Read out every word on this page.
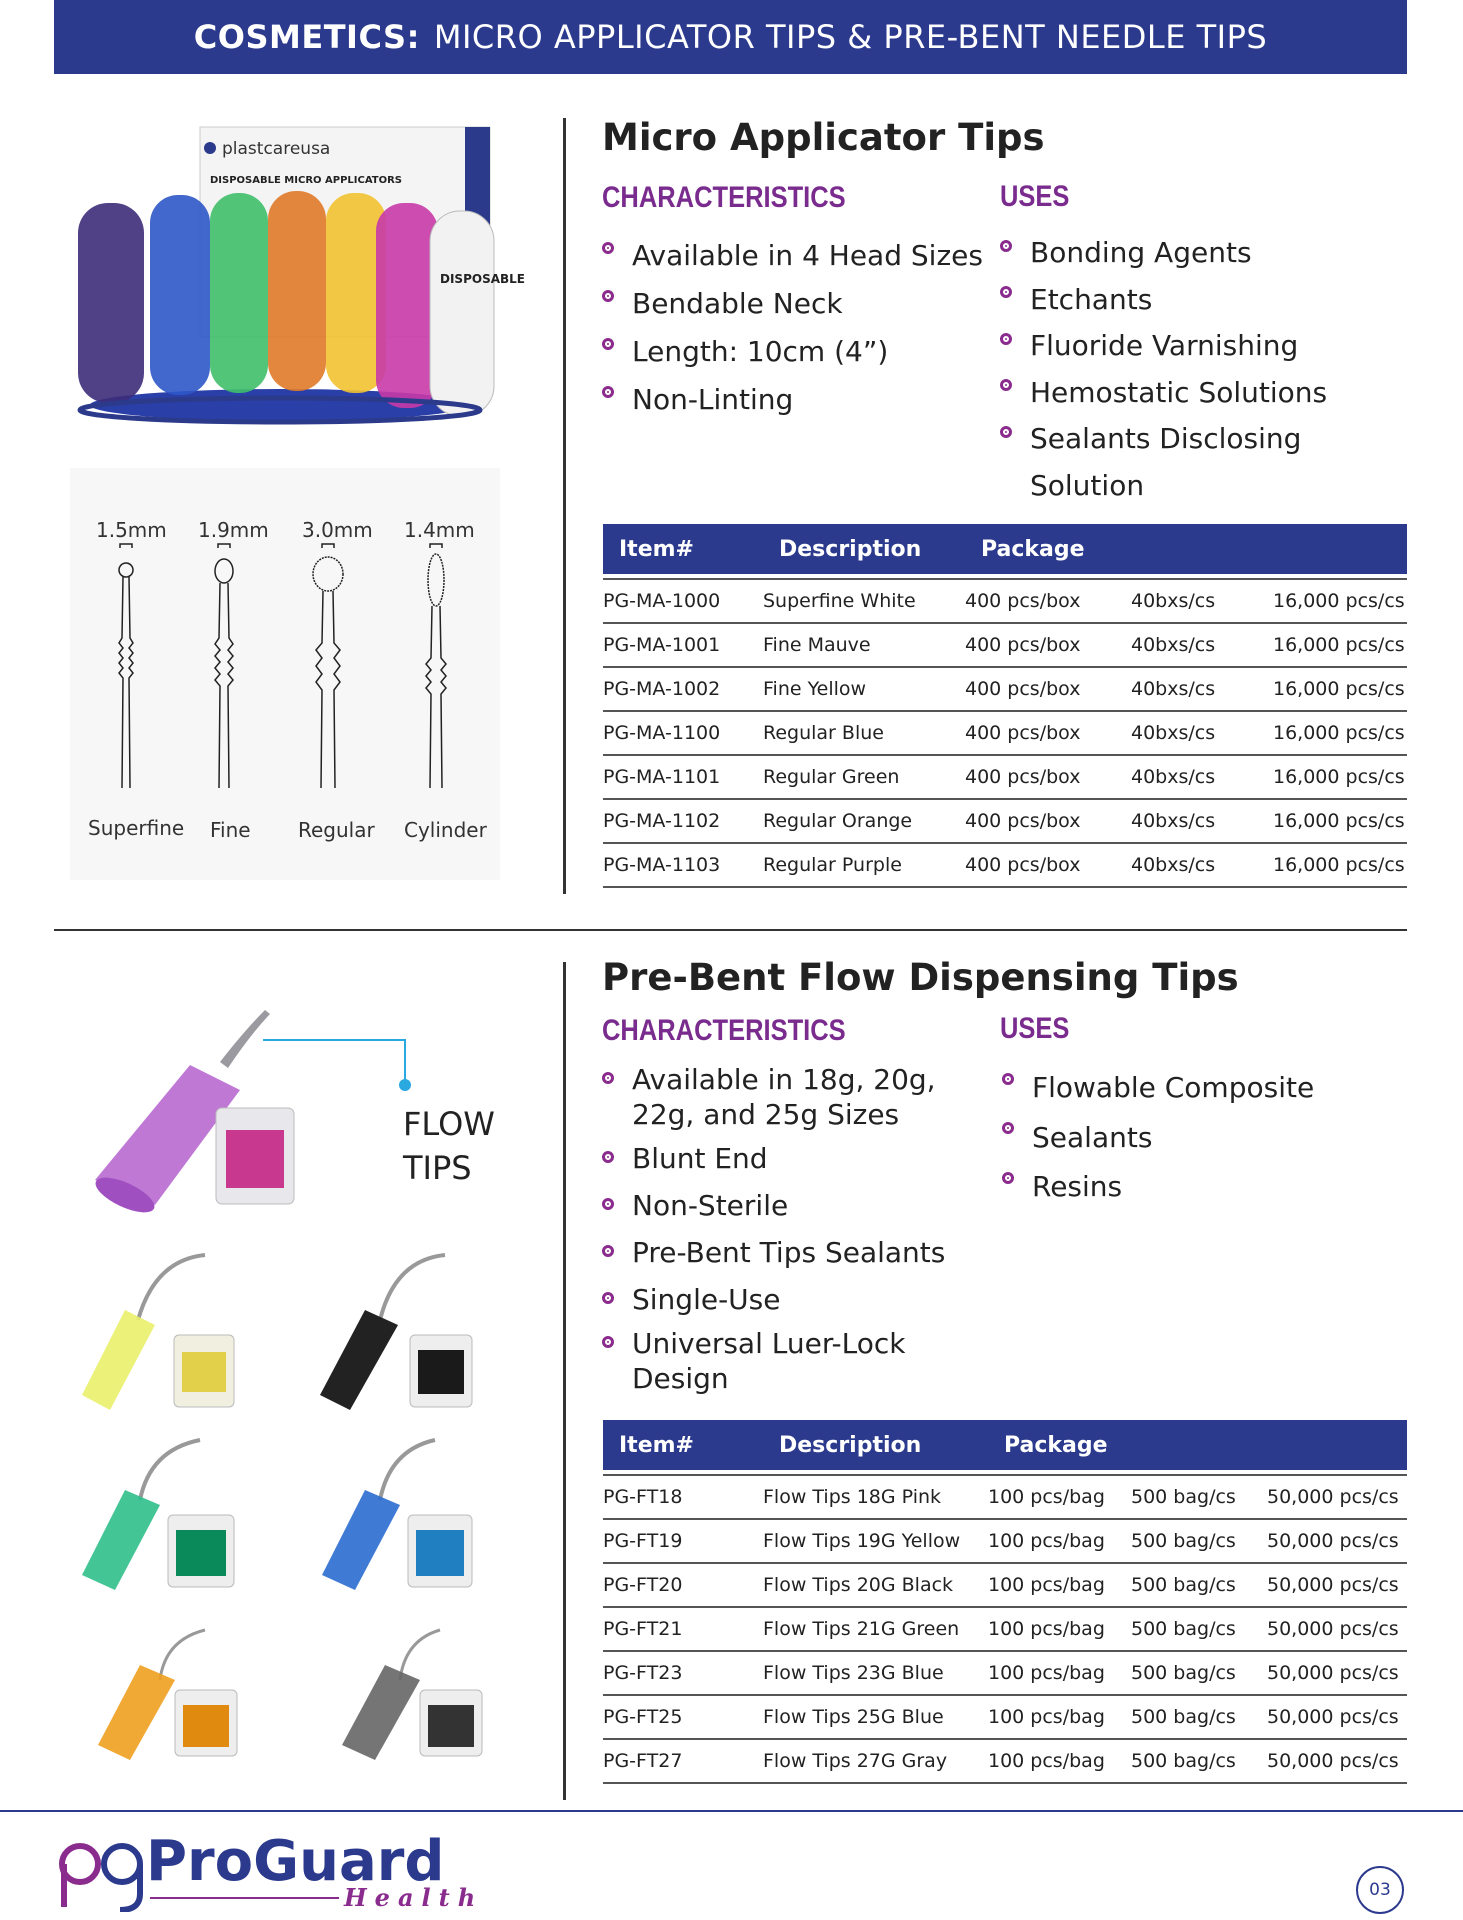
COSMETICS: MICRO APPLICATOR TIPS & PRE-BENT NEEDLE TIPS
plastcareusa
DISPOSABLE MICRO APPLICATORS
DISPOSABLE
1.5mm 1.9mm 3.0mm 1.4mm
Superfine Fine Regular Cylinder
Micro Applicator Tips
CHARACTERISTICS
Available in 4 Head Sizes
Bendable Neck
Length: 10cm (4”)
Non-Linting
USES
Bonding Agents
Etchants
Fluoride Varnishing
Hemostatic Solutions
Sealants Disclosing Solution
Item#	Description	Package		

PG-MA-1000	Superfine White	400 pcs/box	40bxs/cs	16,000 pcs/cs
PG-MA-1001	Fine Mauve	400 pcs/box	40bxs/cs	16,000 pcs/cs
PG-MA-1002	Fine Yellow	400 pcs/box	40bxs/cs	16,000 pcs/cs
PG-MA-1100	Regular Blue	400 pcs/box	40bxs/cs	16,000 pcs/cs
PG-MA-1101	Regular Green	400 pcs/box	40bxs/cs	16,000 pcs/cs
PG-MA-1102	Regular Orange	400 pcs/box	40bxs/cs	16,000 pcs/cs
PG-MA-1103	Regular Purple	400 pcs/box	40bxs/cs	16,000 pcs/cs
FLOW
TIPS
Pre-Bent Flow Dispensing Tips
CHARACTERISTICS
Available in 18g, 20g, 22g, and 25g Sizes
Blunt End
Non-Sterile
Pre-Bent Tips Sealants
Single-Use
Universal Luer-Lock Design
USES
Flowable Composite
Sealants
Resins
Item#	Description	Package		

PG-FT18	Flow Tips 18G Pink	100 pcs/bag	500 bag/cs	50,000 pcs/cs
PG-FT19	Flow Tips 19G Yellow	100 pcs/bag	500 bag/cs	50,000 pcs/cs
PG-FT20	Flow Tips 20G Black	100 pcs/bag	500 bag/cs	50,000 pcs/cs
PG-FT21	Flow Tips 21G Green	100 pcs/bag	500 bag/cs	50,000 pcs/cs
PG-FT23	Flow Tips 23G Blue	100 pcs/bag	500 bag/cs	50,000 pcs/cs
PG-FT25	Flow Tips 25G Blue	100 pcs/bag	500 bag/cs	50,000 pcs/cs
PG-FT27	Flow Tips 27G Gray	100 pcs/bag	500 bag/cs	50,000 pcs/cs
ProGuard
Health	03
